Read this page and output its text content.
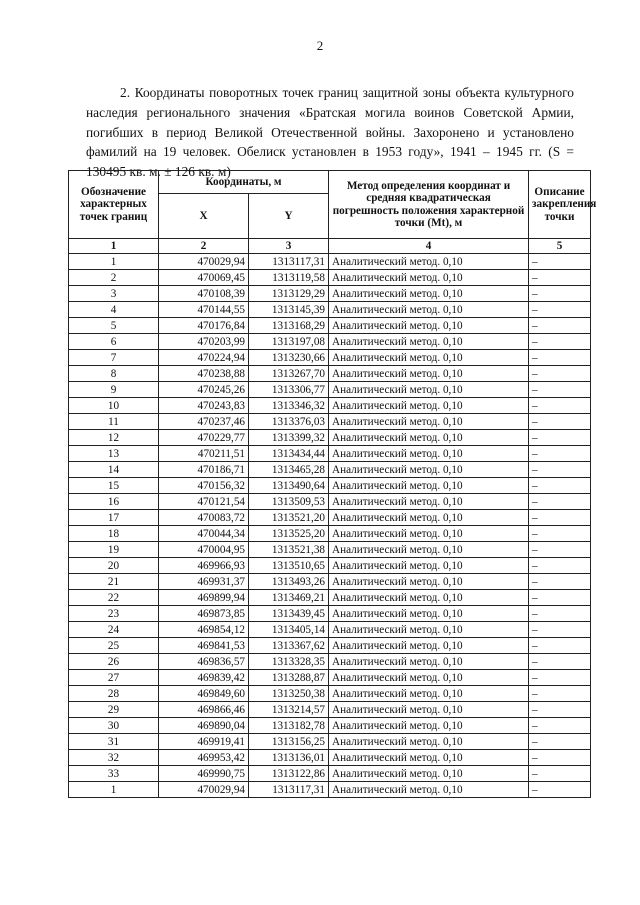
2

2. Координаты поворотных точек границ защитной зоны объекта культурного наследия регионального значения «Братская могила воинов Советской Армии, погибших в период Великой Отечественной войны. Захоронено и установлено фамилий на 19 человек. Обелиск установлен в 1953 году», 1941 – 1945 гг. (S = 130495 кв. м. ± 126 кв. м)

Обозначение характерных точек границ	Координаты, м		Метод определения координат и средняя квадратическая погрешность положения характерной точки (Mt), м	Описание закрепления точки
	X	Y		
1	2	3	4	5
1	470029,94	1313117,31	Аналитический метод. 0,10	–
2	470069,45	1313119,58	Аналитический метод. 0,10	–
3	470108,39	1313129,29	Аналитический метод. 0,10	–
4	470144,55	1313145,39	Аналитический метод. 0,10	–
5	470176,84	1313168,29	Аналитический метод. 0,10	–
6	470203,99	1313197,08	Аналитический метод. 0,10	–
7	470224,94	1313230,66	Аналитический метод. 0,10	–
8	470238,88	1313267,70	Аналитический метод. 0,10	–
9	470245,26	1313306,77	Аналитический метод. 0,10	–
10	470243,83	1313346,32	Аналитический метод. 0,10	–
11	470237,46	1313376,03	Аналитический метод. 0,10	–
12	470229,77	1313399,32	Аналитический метод. 0,10	–
13	470211,51	1313434,44	Аналитический метод. 0,10	–
14	470186,71	1313465,28	Аналитический метод. 0,10	–
15	470156,32	1313490,64	Аналитический метод. 0,10	–
16	470121,54	1313509,53	Аналитический метод. 0,10	–
17	470083,72	1313521,20	Аналитический метод. 0,10	–
18	470044,34	1313525,20	Аналитический метод. 0,10	–
19	470004,95	1313521,38	Аналитический метод. 0,10	–
20	469966,93	1313510,65	Аналитический метод. 0,10	–
21	469931,37	1313493,26	Аналитический метод. 0,10	–
22	469899,94	1313469,21	Аналитический метод. 0,10	–
23	469873,85	1313439,45	Аналитический метод. 0,10	–
24	469854,12	1313405,14	Аналитический метод. 0,10	–
25	469841,53	1313367,62	Аналитический метод. 0,10	–
26	469836,57	1313328,35	Аналитический метод. 0,10	–
27	469839,42	1313288,87	Аналитический метод. 0,10	–
28	469849,60	1313250,38	Аналитический метод. 0,10	–
29	469866,46	1313214,57	Аналитический метод. 0,10	–
30	469890,04	1313182,78	Аналитический метод. 0,10	–
31	469919,41	1313156,25	Аналитический метод. 0,10	–
32	469953,42	1313136,01	Аналитический метод. 0,10	–
33	469990,75	1313122,86	Аналитический метод. 0,10	–
1	470029,94	1313117,31	Аналитический метод. 0,10	–
